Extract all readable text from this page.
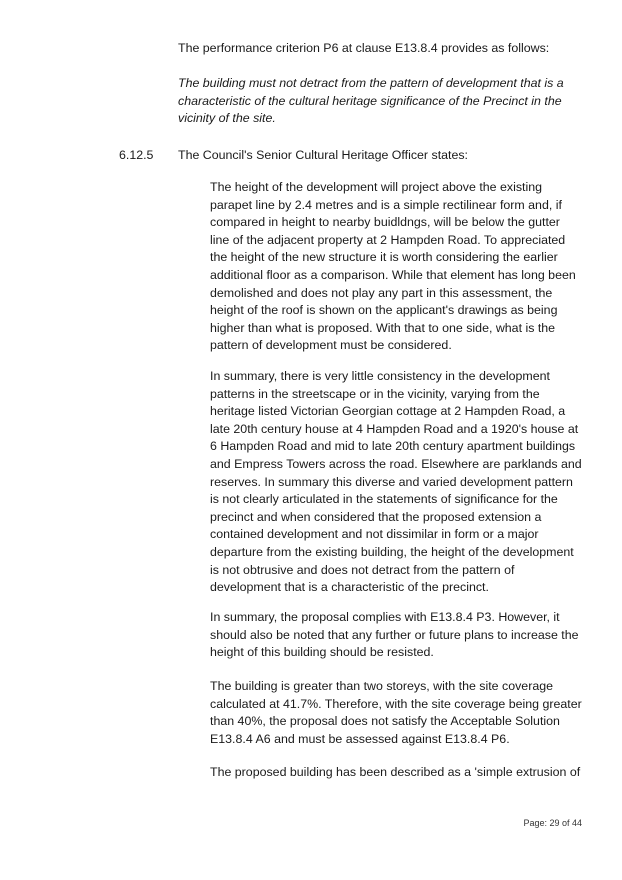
The performance criterion P6 at clause E13.8.4 provides as follows:

The building must not detract from the pattern of development that is a characteristic of the cultural heritage significance of the Precinct in the vicinity of the site.

6.12.5 The Council's Senior Cultural Heritage Officer states:

The height of the development will project above the existing parapet line by 2.4 metres and is a simple rectilinear form and, if compared in height to nearby buidldngs, will be below the gutter line of the adjacent property at 2 Hampden Road. To appreciated the height of the new structure it is worth considering the earlier additional floor as a comparison. While that element has long been demolished and does not play any part in this assessment, the height of the roof is shown on the applicant's drawings as being higher than what is proposed. With that to one side, what is the pattern of development must be considered.

In summary, there is very little consistency in the development patterns in the streetscape or in the vicinity, varying from the heritage listed Victorian Georgian cottage at 2 Hampden Road, a late 20th century house at 4 Hampden Road and a 1920's house at 6 Hampden Road and mid to late 20th century apartment buildings and Empress Towers across the road. Elsewhere are parklands and reserves. In summary this diverse and varied development pattern is not clearly articulated in the statements of significance for the precinct and when considered that the proposed extension a contained development and not dissimilar in form or a major departure from the existing building, the height of the development is not obtrusive and does not detract from the pattern of development that is a characteristic of the precinct.

In summary, the proposal complies with E13.8.4 P3. However, it should also be noted that any further or future plans to increase the height of this building should be resisted.

The building is greater than two storeys, with the site coverage calculated at 41.7%. Therefore, with the site coverage being greater than 40%, the proposal does not satisfy the Acceptable Solution E13.8.4 A6 and must be assessed against E13.8.4 P6.

The proposed building has been described as a 'simple extrusion of

Page: 29 of 44
